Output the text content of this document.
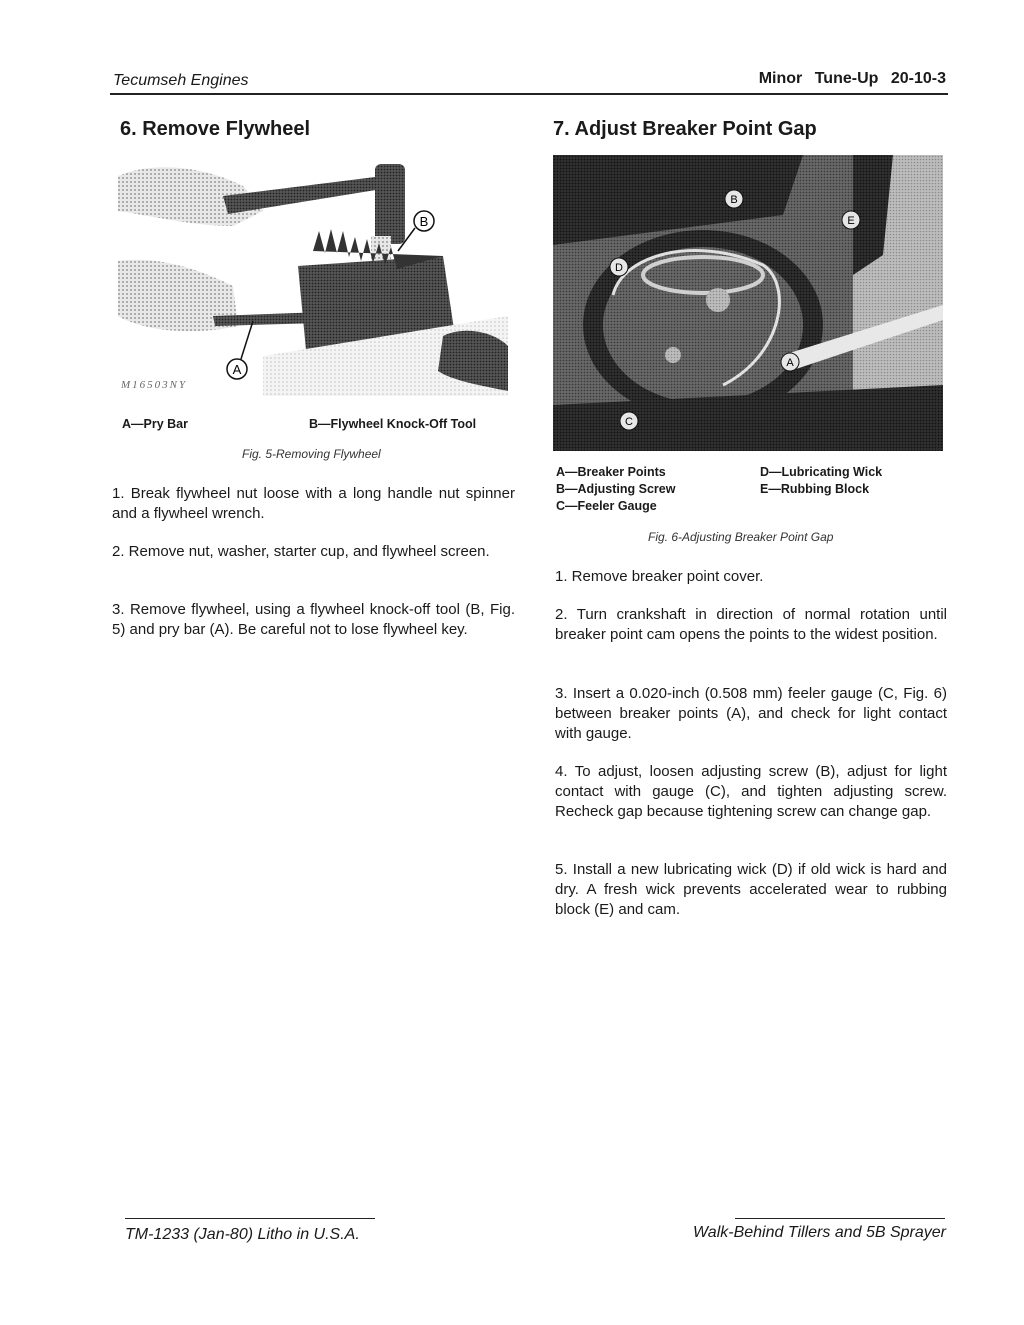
Tecumseh Engines	Minor Tune-Up 20-10-3
6. Remove Flywheel
B
A
M16503NY
A—Pry Bar	B—Flywheel Knock-Off Tool
Fig. 5-Removing Flywheel
1. Break flywheel nut loose with a long handle nut spinner and a flywheel wrench.
2. Remove nut, washer, starter cup, and flywheel screen.
3. Remove flywheel, using a flywheel knock-off tool (B, Fig. 5) and pry bar (A). Be careful not to lose flywheel key.
7. Adjust Breaker Point Gap
B
E
D
A
C
A—Breaker Points
B—Adjusting Screw
C—Feeler Gauge
D—Lubricating Wick
E—Rubbing Block
Fig. 6-Adjusting Breaker Point Gap
1. Remove breaker point cover.
2. Turn crankshaft in direction of normal rotation until breaker point cam opens the points to the widest position.
3. Insert a 0.020-inch (0.508 mm) feeler gauge (C, Fig. 6) between breaker points (A), and check for light contact with gauge.
4. To adjust, loosen adjusting screw (B), adjust for light contact with gauge (C), and tighten adjusting screw. Recheck gap because tightening screw can change gap.
5. Install a new lubricating wick (D) if old wick is hard and dry. A fresh wick prevents accelerated wear to rubbing block (E) and cam.
TM-1233 (Jan-80) Litho in U.S.A.	Walk-Behind Tillers and 5B Sprayer
